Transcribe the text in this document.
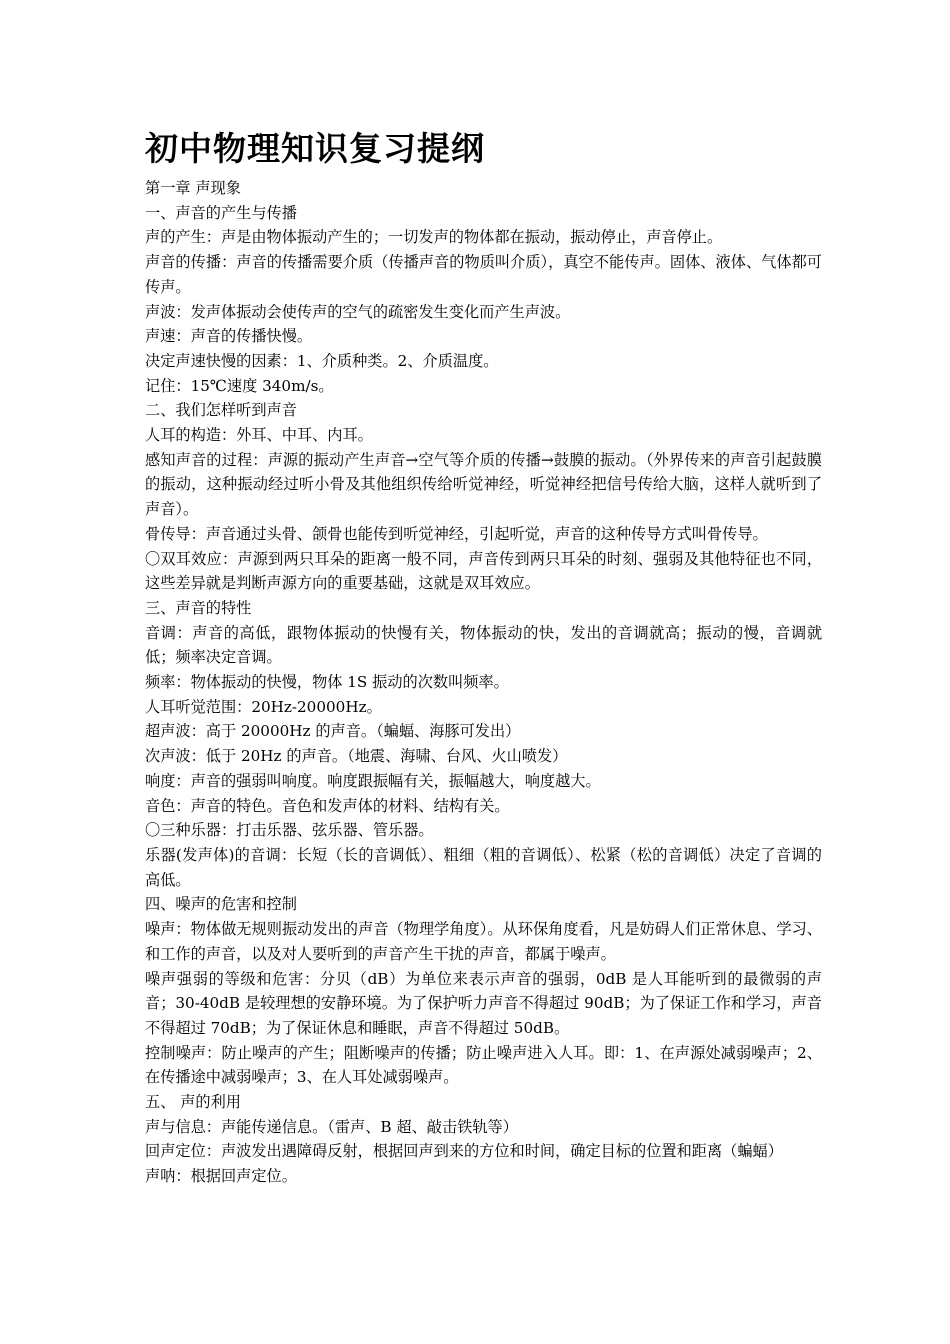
初中物理知识复习提纲

第一章 声现象

一、声音的产生与传播

声的产生：声是由物体振动产生的；一切发声的物体都在振动，振动停止，声音停止。

声音的传播：声音的传播需要介质（传播声音的物质叫介质），真空不能传声。固体、液体、气体都可传声。

声波：发声体振动会使传声的空气的疏密发生变化而产生声波。

声速：声音的传播快慢。

决定声速快慢的因素：1、介质种类。2、介质温度。

记住：15℃速度 340m/s。

二、我们怎样听到声音

人耳的构造：外耳、中耳、内耳。

感知声音的过程：声源的振动产生声音→空气等介质的传播→鼓膜的振动。（外界传来的声音引起鼓膜的振动，这种振动经过听小骨及其他组织传给听觉神经，听觉神经把信号传给大脑，这样人就听到了声音）。

骨传导：声音通过头骨、颌骨也能传到听觉神经，引起听觉，声音的这种传导方式叫骨传导。

〇双耳效应：声源到两只耳朵的距离一般不同，声音传到两只耳朵的时刻、强弱及其他特征也不同，这些差异就是判断声源方向的重要基础，这就是双耳效应。

三、声音的特性

音调：声音的高低，跟物体振动的快慢有关，物体振动的快，发出的音调就高；振动的慢，音调就低；频率决定音调。

频率：物体振动的快慢，物体 1S 振动的次数叫频率。

人耳听觉范围：20Hz-20000Hz。

超声波：高于 20000Hz 的声音。（蝙蝠、海豚可发出）

次声波：低于 20Hz 的声音。（地震、海啸、台风、火山喷发）

响度：声音的强弱叫响度。响度跟振幅有关，振幅越大，响度越大。

音色：声音的特色。音色和发声体的材料、结构有关。

〇三种乐器：打击乐器、弦乐器、管乐器。

乐器(发声体)的音调：长短（长的音调低）、粗细（粗的音调低）、松紧（松的音调低）决定了音调的高低。

四、噪声的危害和控制

噪声：物体做无规则振动发出的声音（物理学角度）。从环保角度看，凡是妨碍人们正常休息、学习、和工作的声音，以及对人要听到的声音产生干扰的声音，都属于噪声。

噪声强弱的等级和危害：分贝（dB）为单位来表示声音的强弱，0dB 是人耳能听到的最微弱的声音；30-40dB 是较理想的安静环境。为了保护听力声音不得超过 90dB；为了保证工作和学习，声音不得超过 70dB；为了保证休息和睡眠，声音不得超过 50dB。

控制噪声：防止噪声的产生；阻断噪声的传播；防止噪声进入人耳。即：1、在声源处减弱噪声；2、在传播途中减弱噪声；3、在人耳处减弱噪声。

五、 声的利用

声与信息：声能传递信息。（雷声、B 超、敲击铁轨等）

回声定位：声波发出遇障碍反射，根据回声到来的方位和时间，确定目标的位置和距离（蝙蝠）

声呐：根据回声定位。
